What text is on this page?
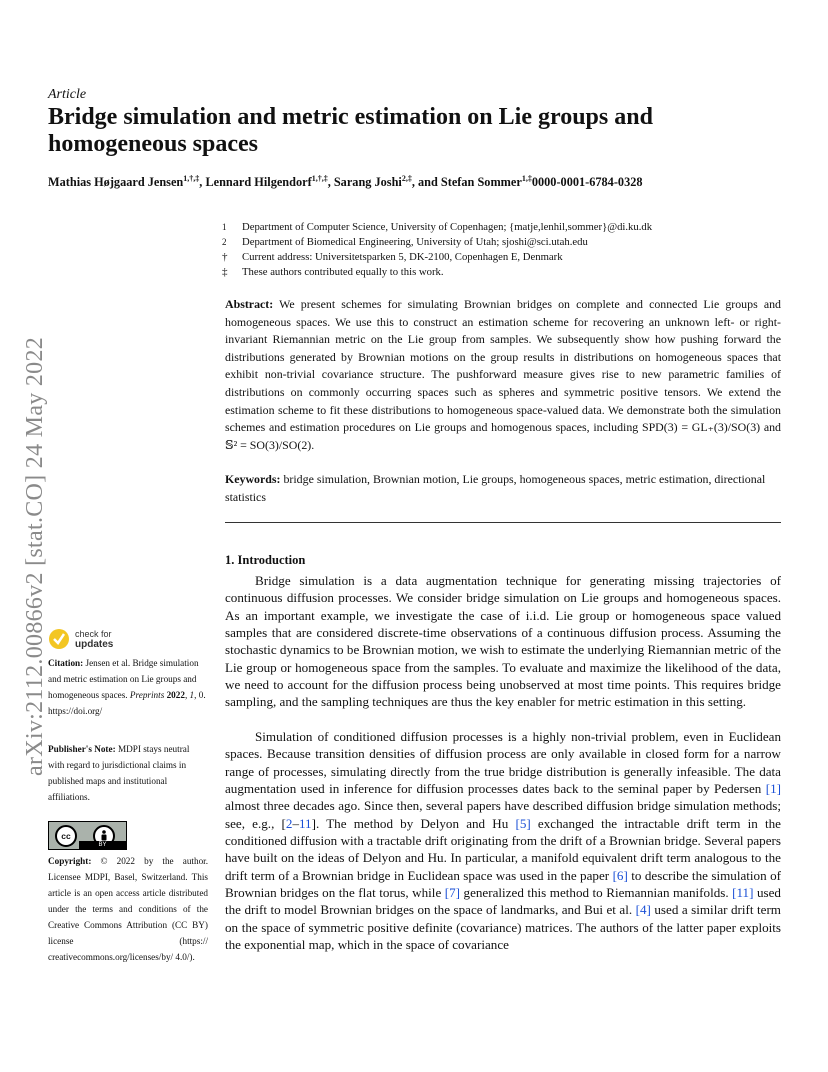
arXiv:2112.00866v2 [stat.CO] 24 May 2022
Article
Bridge simulation and metric estimation on Lie groups and homogeneous spaces
Mathias Højgaard Jensen$^{1,\dagger,\ddagger}$, Lennard Hilgendorf$^{1,\dagger,\ddagger}$, Sarang Joshi$^{2,\ddagger}$, and Stefan Sommer$^{1,\ddagger}$0000-0001-6784-0328
1	Department of Computer Science, University of Copenhagen; {matje,lenhil,sommer}@di.ku.dk
2	Department of Biomedical Engineering, University of Utah; sjoshi@sci.utah.edu
†	Current address: Universitetsparken 5, DK-2100, Copenhagen E, Denmark
‡	These authors contributed equally to this work.
Abstract: We present schemes for simulating Brownian bridges on complete and connected Lie groups and homogeneous spaces. We use this to construct an estimation scheme for recovering an unknown left- or right-invariant Riemannian metric on the Lie group from samples. We subsequently show how pushing forward the distributions generated by Brownian motions on the group results in distributions on homogeneous spaces that exhibit non-trivial covariance structure. The pushforward measure gives rise to new parametric families of distributions on commonly occurring spaces such as spheres and symmetric positive tensors. We extend the estimation scheme to fit these distributions to homogeneous space-valued data. We demonstrate both the simulation schemes and estimation procedures on Lie groups and homogenous spaces, including SPD(3) = GL₊(3)/SO(3) and 𝕊² = SO(3)/SO(2).
Keywords: bridge simulation, Brownian motion, Lie groups, homogeneous spaces, metric estimation, directional statistics
1. Introduction

Bridge simulation is a data augmentation technique for generating missing trajectories of continuous diffusion processes. We consider bridge simulation on Lie groups and homogeneous spaces. As an important example, we investigate the case of i.i.d. Lie group or homogeneous space valued samples that are considered discrete-time observations of a continuous diffusion process. Assuming the stochastic dynamics to be Brownian motion, we wish to estimate the underlying Riemannian metric of the Lie group or homogeneous space from the samples. To evaluate and maximize the likelihood of the data, we need to account for the diffusion process being unobserved at most time points. This requires bridge sampling, and the sampling techniques are thus the key enabler for metric estimation in this setting.

Simulation of conditioned diffusion processes is a highly non-trivial problem, even in Euclidean spaces. Because transition densities of diffusion process are only available in closed form for a narrow range of processes, simulating directly from the true bridge distribution is generally infeasible. The data augmentation used in inference for diffusion processes dates back to the seminal paper by Pedersen [1] almost three decades ago. Since then, several papers have described diffusion bridge simulation methods; see, e.g., [2–11]. The method by Delyon and Hu [5] exchanged the intractable drift term in the conditioned diffusion with a tractable drift originating from the drift of a Brownian bridge. Several papers have built on the ideas of Delyon and Hu. In particular, a manifold equivalent drift term analogous to the drift term of a Brownian bridge in Euclidean space was used in the paper [6] to describe the simulation of Brownian bridges on the flat torus, while [7] generalized this method to Riemannian manifolds. [11] used the drift to model Brownian bridges on the space of landmarks, and Bui et al. [4] used a similar drift term on the space of symmetric positive definite (covariance) matrices. The authors of the latter paper exploits the exponential map, which in the space of covariance

check for
updates
Citation: Jensen et al. Bridge simulation and metric estimation on Lie groups and homogeneous spaces. Preprints 2022, 1, 0. https://doi.org/
Publisher's Note: MDPI stays neutral with regard to jurisdictional claims in published maps and institutional affiliations.
cc
BY
Copyright: © 2022 by the author. Licensee MDPI, Basel, Switzerland. This article is an open access article distributed under the terms and conditions of the Creative Commons Attribution (CC BY) license (https:// creativecommons.org/licenses/by/ 4.0/).
